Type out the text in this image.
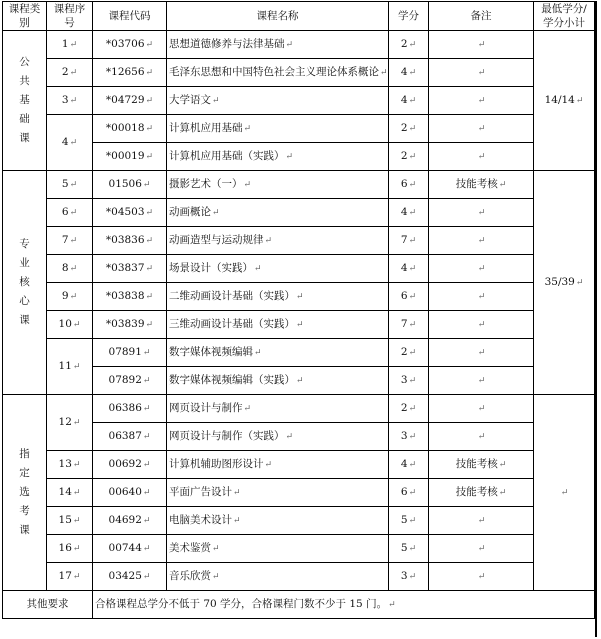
课程类别	课程序号	课程代码	课程名称	学分	备注	最低学分/学分小计

公
共
基
础
课	1↵	*03706↵	思想道德修养与法律基础↵	2↵	↵	14/14↵
	2↵	*12656↵	毛泽东思想和中国特色社会主义理论体系概论↵	4↵	↵	
	3↵	*04729↵	大学语文↵	4↵	↵	
	4↵	*00018↵	计算机应用基础↵	2↵	↵	
		*00019↵	计算机应用基础（实践）↵	2↵	↵	

专
业
核
心
课	5↵	01506↵	摄影艺术（一）↵	6↵	技能考核↵	35/39↵
	6↵	*04503↵	动画概论↵	4↵	↵	
	7↵	*03836↵	动画造型与运动规律↵	7↵	↵	
	8↵	*03837↵	场景设计（实践）↵	4↵	↵	
	9↵	*03838↵	二维动画设计基础（实践）↵	6↵	↵	
	10↵	*03839↵	三维动画设计基础（实践）↵	7↵	↵	
	11↵	07891↵	数字媒体视频编辑↵	2↵	↵	
		07892↵	数字媒体视频编辑（实践）↵	3↵	↵	

指
定
选
考
课	12↵	06386↵	网页设计与制作↵	2↵	↵	↵
		06387↵	网页设计与制作（实践）↵	3↵	↵	
	13↵	00692↵	计算机辅助图形设计↵	4↵	技能考核↵	
	14↵	00640↵	平面广告设计↵	6↵	技能考核↵	
	15↵	04692↵	电脑美术设计↵	5↵	↵	
	16↵	00744↵	美术鉴赏↵	5↵	↵	
	17↵	03425↵	音乐欣赏↵	3↵	↵	
其他要求		合格课程总学分不低于 70 学分，合格课程门数不少于 15 门。↵				
